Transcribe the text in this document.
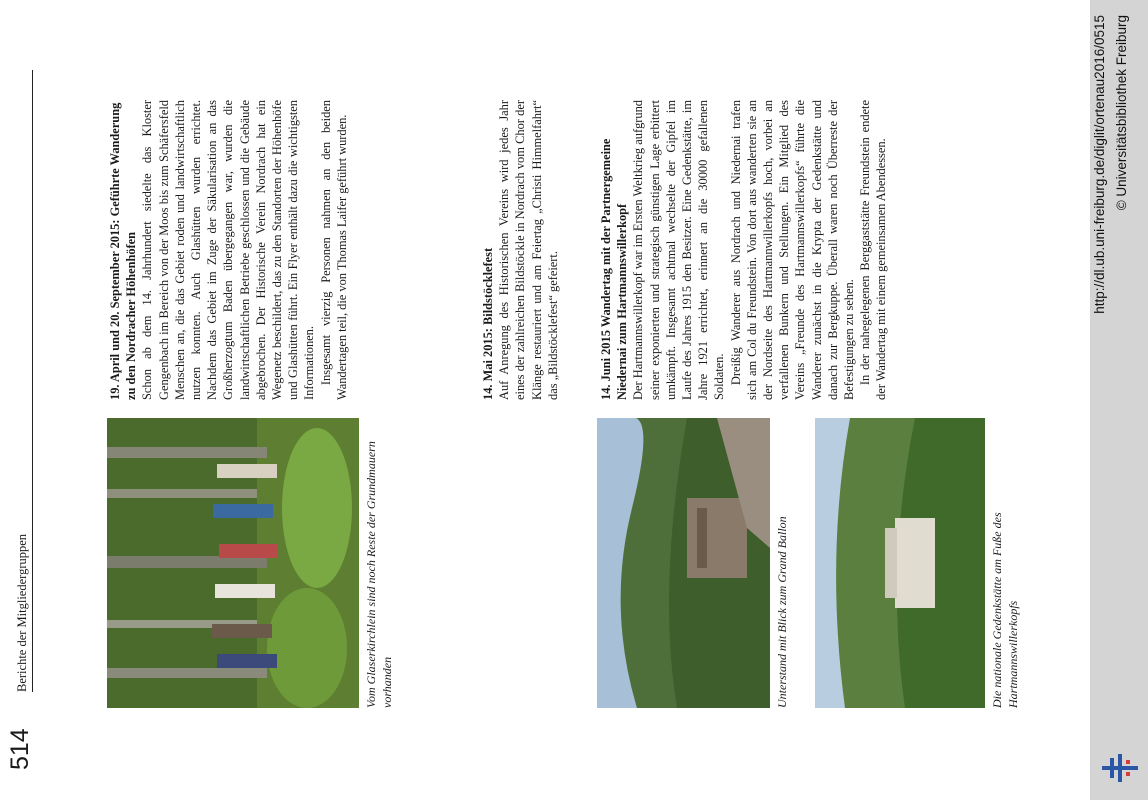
514
Berichte der Mitgliedergruppen	Vom Glaserkirchlein sind noch Reste der Grundmauern vorhanden	Unterstand mit Blick zum Grand Ballon	Die nationale Gedenkstätte am Fuße des Hartmannswillerkopfs
19. April und 20. September 2015: Geführte Wanderung zu den Nordracher Höhenhöfen Schon ab dem 14. Jahrhundert siedelte das Kloster Gengenbach im Bereich von der Moos bis zum Schäfersfeld Menschen an, die das Gebiet roden und landwirtschaftlich nutzen konnten. Auch Glashütten wurden errichtet. Nachdem das Gebiet im Zuge der Säkularisation an das Großherzogtum Baden übergegangen war, wurden die landwirtschaftlichen Betriebe geschlossen und die Gebäude abgebrochen. Der Historische Verein Nordrach hat ein Wegenetz beschildert, das zu den Standorten der Höhenhöfe und Glashütten führt. Ein Flyer enthält dazu die wichtigsten Informationen. Insgesamt vierzig Personen nahmen an den beiden Wandertagen teil, die von Thomas Laifer geführt wurden.	14. Mai 2015: Bildstöcklefest Auf Anregung des Historischen Vereins wird jedes Jahr eines der zahlreichen Bildstöckle in Nordrach vom Chor der Klänge restauriert und am Feiertag „Christi Himmelfahrt“ das „Bildstöcklefest“ gefeiert.	14. Juni 2015 Wandertag mit der Partnergemeine Niedernai zum Hartmannswillerkopf Der Hartmannswillerkopf war im Ersten Weltkrieg aufgrund seiner exponierten und strategisch günstigen Lage erbittert umkämpft. Insgesamt achtmal wechselte der Gipfel im Laufe des Jahres 1915 den Besitzer. Eine Gedenkstätte, im Jahre 1921 errichtet, erinnert an die 30000 gefallenen Soldaten. Dreißig Wanderer aus Nordrach und Niedernai trafen sich am Col du Freundstein. Von dort aus wanderten sie an der Nordseite des Hartmannwillerkopfs hoch, vorbei an verfallenen Bunkern und Stellungen. Ein Mitglied des Vereins „Freunde des Hartmannswillerkopfs“ führte die Wanderer zunächst in die Krypta der Gedenkstätte und danach zur Bergkuppe. Überall waren noch Überreste der Befestigungen zu sehen. In der nahegelegenen Berggaststätte Freundstein endete der Wandertag mit einem gemeinsamen Abendessen.	http://dl.ub.uni-freiburg.de/diglit/ortenau2016/0515 © Universitätsbibliothek Freiburg
